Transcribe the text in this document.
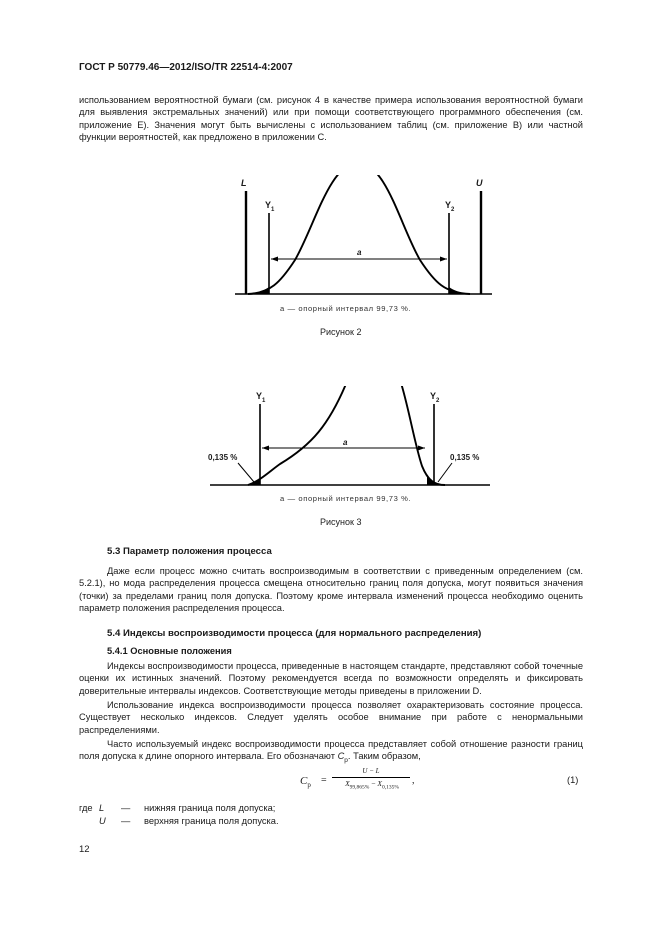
ГОСТ Р 50779.46—2012/ISO/TR 22514-4:2007
использованием вероятностной бумаги (см. рисунок 4 в качестве примера использования вероятностной бумаги для выявления экстремальных значений) или при помощи соответствующего программного обеспечения (см. приложение Е). Значения могут быть вычислены с использованием таблиц (см. приложение В) или частной функции вероятностей, как предложено в приложении С.
L	U
$Y_1$	$Y_2$
a
a — опорный интервал 99,73 %.
Рисунок 2
$Y_1$	$Y_2$
a
0,135 %	0,135 %
a — опорный интервал 99,73 %.
Рисунок 3
5.3 Параметр положения процесса
Даже если процесс можно считать воспроизводимым в соответствии с приведенным определением (см. 5.2.1), но мода распределения процесса смещена относительно границ поля допуска, могут появиться значения (точки) за пределами границ поля допуска. Поэтому кроме интервала изменений процесса необходимо оценить параметр положения распределения процесса.
5.4 Индексы воспроизводимости процесса (для нормального распределения)
5.4.1 Основные положения
Индексы воспроизводимости процесса, приведенные в настоящем стандарте, представляют собой точечные оценки их истинных значений. Поэтому рекомендуется всегда по возможности определять и фиксировать доверительные интервалы индексов. Соответствующие методы приведены в приложении D.
Использование индекса воспроизводимости процесса позволяет охарактеризовать состояние процесса. Существует несколько индексов. Следует уделять особое внимание при работе с ненормальными распределениями.
Часто используемый индекс воспроизводимости процесса представляет собой отношение разности границ поля допуска к длине опорного интервала. Его обозначают $C_p$. Таким образом,
$C_p$ =
U − L
$X_{99,865\%} - X_{0,135\%}$
,	(1)
где L — нижняя граница поля допуска;
U — верхняя граница поля допуска.
12
